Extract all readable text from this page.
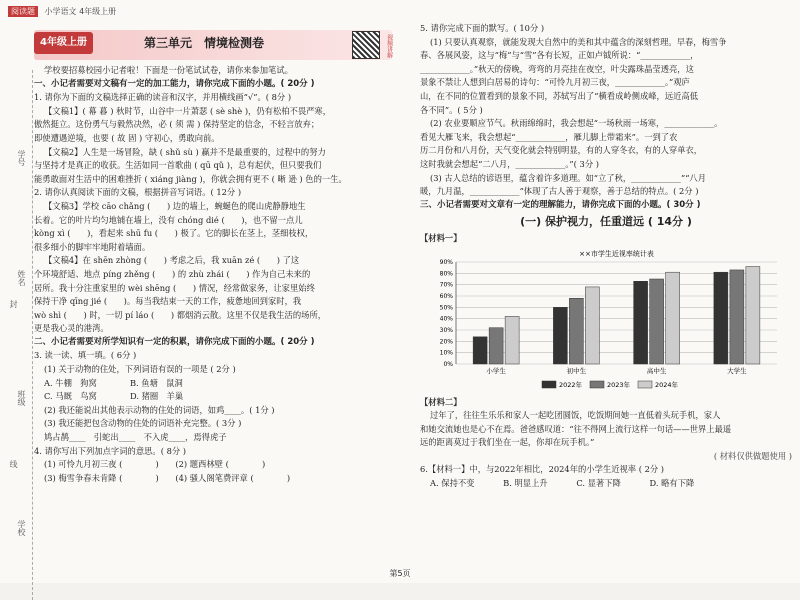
阅读题 小学语文 4年级上册
学号
姓名
封
班级
线
学校
4年级上册	第三单元　情境检测卷	视频讲解

学校要招募校园小记者啦！下面是一份笔试试卷，请你来参加笔试。

一、小记者需要对文稿有一定的加工能力，请你完成下面的小题。( 20分 )

1. 请你为下面的文稿选择正确的读音和汉字，并用横线画“√”。( 8分 )

【文稿1】( 幕 暮 ) 秋时节，山谷中一片萧瑟 ( sè shè )，仍有松柏不畏严寒，

傲然挺立。这份勇气与毅然决然，必 ( 须 需 ) 保持坚定的信念，不轻言放弃；

即使遭遇逆境，也要 ( 故 固 ) 守初心，勇敢向前。

【文稿2】人生是一场冒险，缺 ( shǔ sù ) 赢并不是最重要的，过程中的努力

与坚持才是真正的收获。生活如同一首歌曲 ( qū qǔ )，总有起伏，但只要我们

能勇敢面对生活中的困难挫折 ( xiáng jiàng )，你就会拥有更不 ( 晰 逊 ) 色的一生。

2. 请你认真阅读下面的文稿，根据拼音写词语。( 12分 )

【文稿3】学校 cāo chǎng (　　) 边的墙上，蜿蜒色的爬山虎静静地生

长着。它的叶片均匀地铺在墙上，没有 chóng dié (　　)，也不留一点儿

kòng xì (　　)，看起来 shū fu (　　) 极了。它的脚长在茎上，茎细枝权，

很多细小的脚牢牢地附着墙面。

【文稿4】在 shēn zhòng (　　) 考虑之后，我 xuān zé (　　) 了这

个环境舒适、地点 píng zhěng (　　) 的 zhù zhái (　　) 作为自己未来的

居所。我十分注重家里的 wèi shēng (　　) 情况，经常做家务，让家里始终

保持干净 qīng jié (　　)。每当我结束一天的工作，疲惫地回到家时，我

wò shì (　　) 时，一切 pí láo (　　) 都烟消云散。这里不仅是我生活的场所，

更是我心灵的港湾。

二、小记者需要对所学知识有一定的积累，请你完成下面的小题。( 20分 )

3. 读一读、填一填。( 6分 )

(1) 关于动物的住处，下列词语有误的一项是 ( 2分 )

A. 牛棚　狗窝　　　　B. 鱼塘　鼠洞

C. 马厩　鸟窝　　　　D. 猪圈　羊巢

(2) 我还能说出其他表示动物的住处的词语，如鸡____。( 1分 )

(3) 我还能把包含动物的住处的词语补充完整。( 3分 )

鸠占鹊____　引蛇出____　不入虎____，焉得虎子

4. 请你写出下列加点字词的意思。( 8分 )

(1) 可怜九月初三夜 (　　　　)　　(2) 题西林壁 (　　　　)

(3) 梅雪争春未肯降 (　　　　)　　(4) 骚人阁笔费评章 (　　　　)

5. 请你完成下面的默写。( 10分 )

(1) 只要认真观察，就能发现大自然中的美和其中蕴含的深刻哲理。早春，梅雪争

春、各展风姿，这与“梅”与“雪”各有长短，正如卢钺所说：“____________，

____________。”秋天的傍晚，弯弯的月亮挂在夜空，叶尖露珠晶莹透亮，这

景象不禁让人想到白居易的诗句：“可怜九月初三夜，____________。”观庐

山，在不同的位置看到的景象不同，苏轼写出了“横看成岭侧成峰，远近高低

各不同”。( 5分 )

(2) 农业要顺应节气。秋雨绵绵时，我会想起“一场秋雨一场寒，____________。

看见大雁飞来，我会想起“____________，雁儿脚上带霜来”。一到了农

历二月份和八月份，天气变化就会特别明显，有的人穿冬衣，有的人穿单衣，

这时我就会想起“二八月，____________。”( 3分 )

(3) 古人总结的谚语里，蕴含着许多道理。如“立了秋，____________”“八月

暖，九月温，____________”体现了古人善于观察，善于总结的特点。( 2分 )

三、小记者需要对文章有一定的理解能力，请你完成下面的小题。( 30分 )

(一) 保护视力，任重道远 ( 14分 )

【材料一】

××市学生近视率统计表
0%
10%
20%
30%
40%
50%
60%
70%
80%
90%
小学生	初中生	高中生	大学生
2022年	2023年	2024年

【材料二】

过年了，往往生乐乐和家人一起吃团圆饭，吃饭期间她一直低着头玩手机，家人

和她交流她也是心不在焉。爸爸感叹道：“往不得网上流行这样一句话——世界上最遥

远的距离莫过于我们坐在一起，你却在玩手机。”

( 材料仅供做题使用 )

6.【材料一】中，与2022年相比，2024年的小学生近视率 ( 2分 )

A. 保持不变	B. 明显上升	C. 显著下降	D. 略有下降

第5页
